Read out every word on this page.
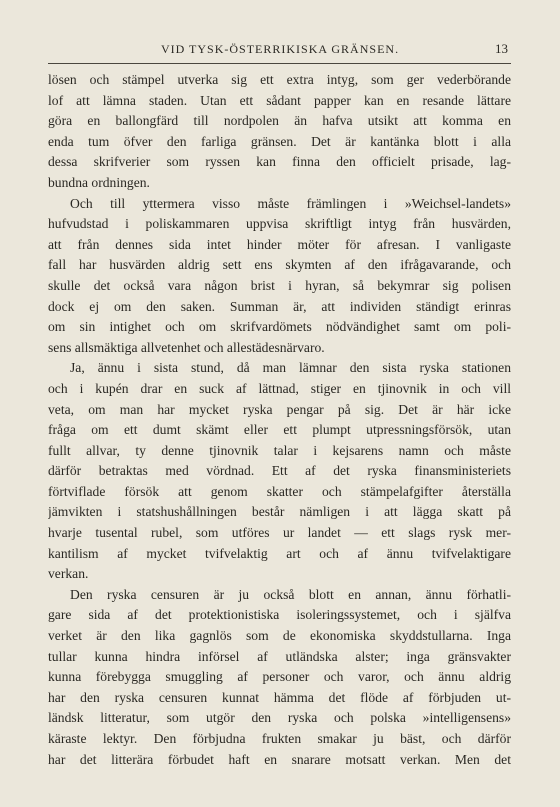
VID TYSK-ÖSTERRIKISKA GRÄNSEN.	13
lösen och stämpel utverka sig ett extra intyg, som ger vederbörande
lof att lämna staden. Utan ett sådant papper kan en resande lättare
göra en ballongfärd till nordpolen än hafva utsikt att komma en
enda tum öfver den farliga gränsen. Det är kantänka blott i alla
dessa skrifverier som ryssen kan finna den officielt prisade, lag-
bundna ordningen.
Och till yttermera visso måste främlingen i »Weichsel-landets»
hufvudstad i poliskammaren uppvisa skriftligt intyg från husvärden,
att från dennes sida intet hinder möter för afresan. I vanligaste
fall har husvärden aldrig sett ens skymten af den ifrågavarande, och
skulle det också vara någon brist i hyran, så bekymrar sig polisen
dock ej om den saken. Summan är, att individen ständigt erinras
om sin intighet och om skrifvardömets nödvändighet samt om poli-
sens allsmäktiga allvetenhet och allestädesnärvaro.
Ja, ännu i sista stund, då man lämnar den sista ryska stationen
och i kupén drar en suck af lättnad, stiger en tjinovnik in och vill
veta, om man har mycket ryska pengar på sig. Det är här icke
fråga om ett dumt skämt eller ett plumpt utpressningsförsök, utan
fullt allvar, ty denne tjinovnik talar i kejsarens namn och måste
därför betraktas med vördnad. Ett af det ryska finansministeriets
förtviflade försök att genom skatter och stämpelafgifter återställa
jämvikten i statshushållningen består nämligen i att lägga skatt på
hvarje tusental rubel, som utföres ur landet — ett slags rysk mer-
kantilism af mycket tvifvelaktig art och af ännu tvifvelaktigare
verkan.
Den ryska censuren är ju också blott en annan, ännu förhatli-
gare sida af det protektionistiska isoleringssystemet, och i själfva
verket är den lika gagnlös som de ekonomiska skyddstullarna. Inga
tullar kunna hindra införsel af utländska alster; inga gränsvakter
kunna förebygga smuggling af personer och varor, och ännu aldrig
har den ryska censuren kunnat hämma det flöde af förbjuden ut-
ländsk litteratur, som utgör den ryska och polska »intelligensens»
käraste lektyr. Den förbjudna frukten smakar ju bäst, och därför
har det litterära förbudet haft en snarare motsatt verkan. Men det
